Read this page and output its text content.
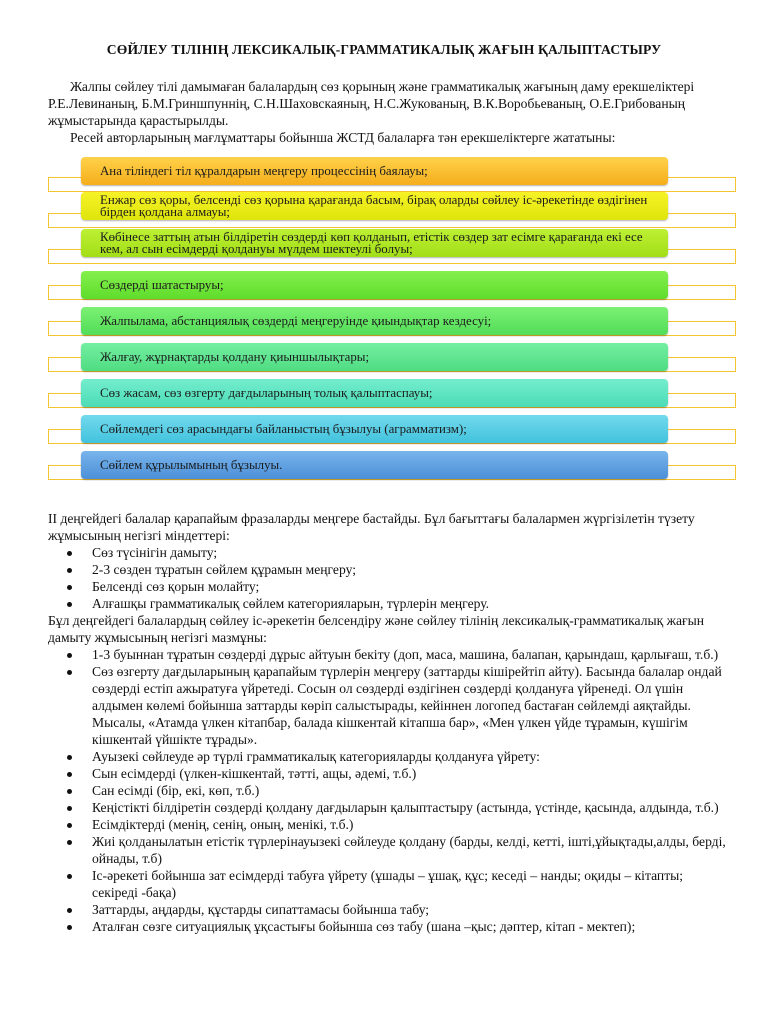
СӨЙЛЕУ ТІЛІНІҢ ЛЕКСИКАЛЫҚ-ГРАММАТИКАЛЫҚ ЖАҒЫН ҚАЛЫПТАСТЫРУ

Жалпы сөйлеу тілі дамымаған балалардың сөз қорының және грамматикалық жағының даму ерекшеліктері Р.Е.Левинаның, Б.М.Гриншпуннің, С.Н.Шаховскаяның, Н.С.Жукованың, В.К.Воробьеваның, О.Е.Грибованың жұмыстарында қарастырылды.

Ресей авторларының мағлұматтары бойынша ЖСТД балаларға тән ерекшеліктерге жататыны:

Ана тіліндегі тіл құралдарын меңгеру процессінің баялауы;
Жалғау, жұрнақтарды қолдану қиыншылықтары;
Сөз жасам, сөз өзгерту дағдыларының толық қалыптаспауы;
Сөйлемдегі сөз арасындағы байланыстың бұзылуы (аграмматизм);
Сөйлем құрылымының бұзылуы.
Жалпылама, абстанциялық сөздерді меңгеруінде қиындықтар кездесуі;
Сөздерді шатастыруы;
Көбінесе заттың атын білдіретін сөздерді көп қолданып, етістік сөздер зат есімге қарағанда екі есе кем, ал сын есімдерді қолдануы мүлдем шектеулі болуы;
Енжар сөз қоры, белсенді сөз қорына қарағанда басым, бірақ оларды сөйлеу іс-әрекетінде өздігінен бірден қолдана алмауы;

II деңгейдегі балалар қарапайым фразаларды меңгере бастайды. Бұл бағыттағы балалармен жүргізілетін түзету жұмысының негізгі міндеттері:

Сөз түсінігін дамыту;
2-3 сөзден тұратын сөйлем құрамын меңгеру;
Белсенді сөз қорын молайту;
Алғашқы грамматикалық сөйлем категорияларын, түрлерін меңгеру.

Бұл деңгейдегі балалардың сөйлеу іс-әрекетін белсендіру және сөйлеу тілінің лексикалық-грамматикалық жағын дамыту жұмысының негізгі мазмұны:

1-3 буыннан тұратын сөздерді дұрыс айтуын бекіту (доп, маса, машина, балапан, қарындаш, қарлығаш, т.б.)
Сөз өзгерту дағдыларының қарапайым түрлерін меңгеру (заттарды кішірейтіп айту). Басында балалар ондай сөздерді естіп ажыратуға үйретеді. Сосын ол сөздерді өздігінен сөздерді қолдануға үйренеді. Ол үшін алдымен көлемі бойынша заттарды көріп салыстырады, кейіннен логопед бастаған сөйлемді аяқтайды. Мысалы, «Атамда үлкен кітапбар, балада кішкентай кітапша бар», «Мен үлкен үйде тұрамын, күшігім кішкентай үйшікте тұрады».
Ауызекі сөйлеуде әр түрлі грамматикалық категорияларды қолдануға үйрету:
Сын есімдерді (үлкен-кішкентай, тәтті, ащы, әдемі, т.б.)
Сан есімді (бір, екі, көп, т.б.)
Кеңістікті білдіретін сөздерді қолдану дағдыларын қалыптастыру (астында, үстінде, қасында, алдында, т.б.)
Есімдіктерді (менің, сенің, оның, менікі, т.б.)
Жиі қолданылатын етістік түрлерінауызекі сөйлеуде қолдану (барды, келді, кетті, ішті,ұйықтады,алды, берді, ойнады, т.б)
Іс-әрекеті бойынша зат есімдерді табуға үйрету (ұшады – ұшақ, құс; кеседі – нанды; оқиды – кітапты; секіреді -бақа)
Заттарды, аңдарды, құстарды сипаттамасы бойынша табу;
Аталған сөзге ситуациялық ұқсастығы бойынша сөз табу (шана –қыс; дәптер, кітап - мектеп);
